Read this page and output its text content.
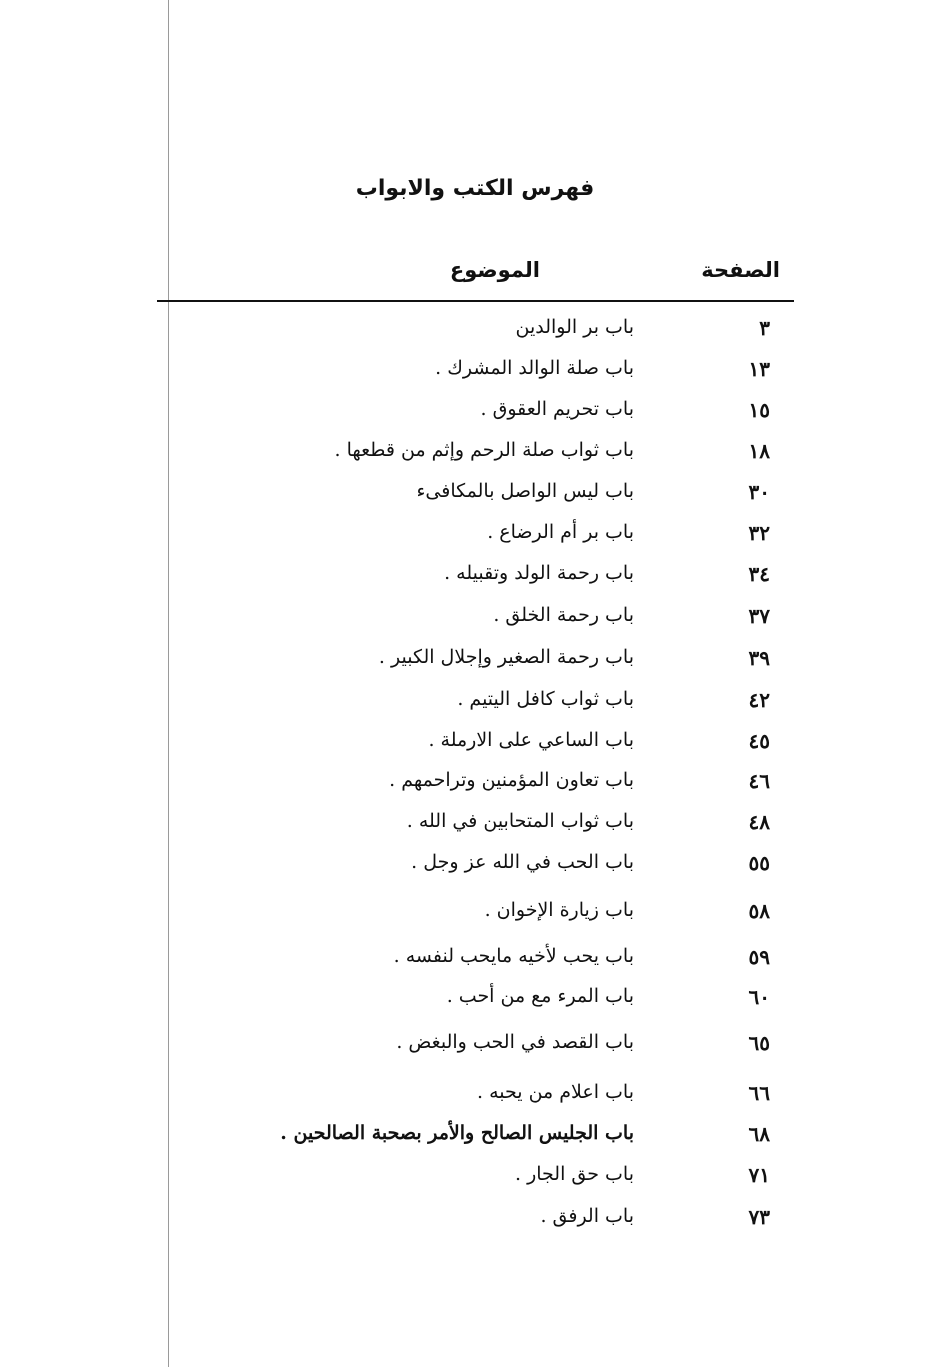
فهرس الكتب والابواب
الصفحة
الموضوع
٣
باب بر الوالدين
١٣
باب صلة الوالد المشرك .
١٥
باب تحريم العقوق .
١٨
باب ثواب صلة الرحم وإثم من قطعها .
٣٠
باب ليس الواصل بالمكافىء
٣٢
باب بر أم الرضاع .
٣٤
باب رحمة الولد وتقبيله .
٣٧
باب رحمة الخلق .
٣٩
باب رحمة الصغير وإجلال الكبير .
٤٢
باب ثواب كافل اليتيم .
٤٥
باب الساعي على الارملة .
٤٦
باب تعاون المؤمنين وتراحمهم .
٤٨
باب ثواب المتحابين في الله .
٥٥
باب الحب في الله عز وجل .
٥٨
باب زيارة الإخوان .
٥٩
باب يحب لأخيه مايحب لنفسه .
٦٠
باب المرء مع من أحب .
٦٥
باب القصد في الحب والبغض .
٦٦
باب اعلام من يحبه .
٦٨
باب الجليس الصالح والأمر بصحبة الصالحين .
٧١
باب حق الجار .
٧٣
باب الرفق .
